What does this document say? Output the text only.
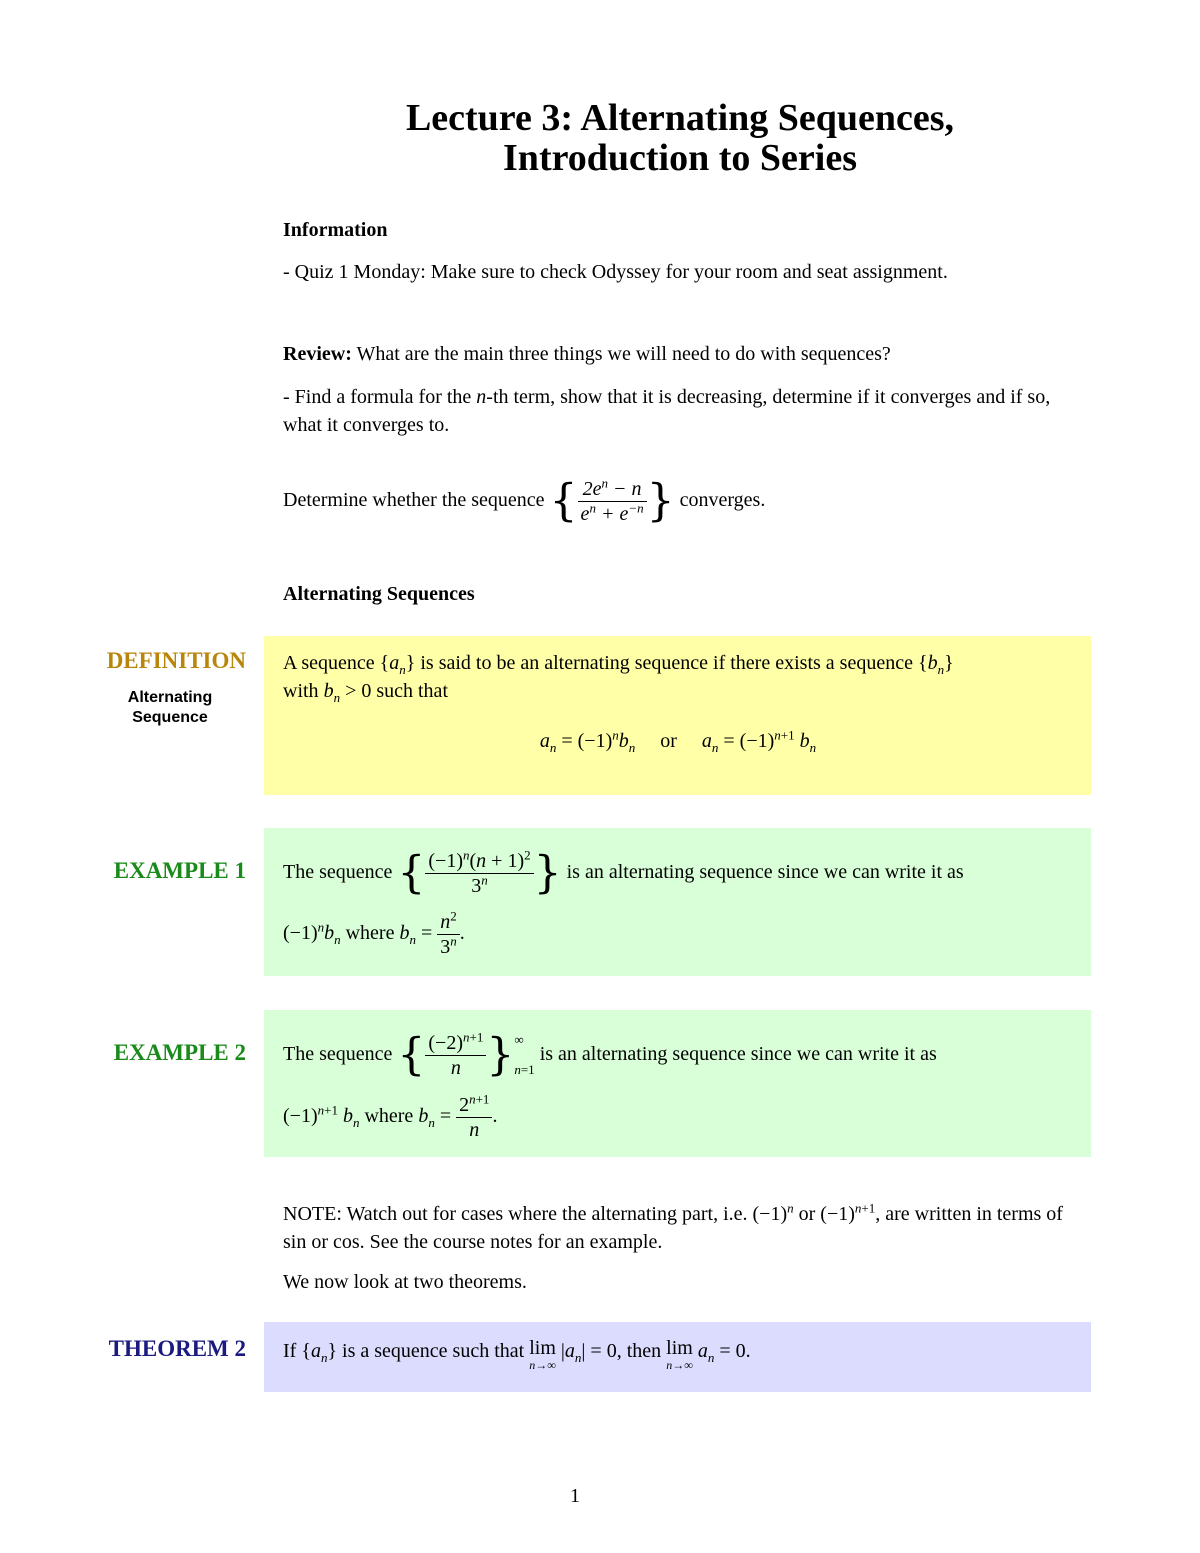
Lecture 3: Alternating Sequences,
Introduction to Series
Information
- Quiz 1 Monday: Make sure to check Odyssey for your room and seat assignment.
Review: What are the main three things we will need to do with sequences?
- Find a formula for the n-th term, show that it is decreasing, determine if it converges and if so, what it converges to.
Determine whether the sequence { $\frac{2e^n - n}{e^n + e^{-n}}$ } converges.
Alternating Sequences
DEFINITION
Alternating
Sequence
A sequence $\{a_n\}$ is said to be an alternating sequence if there exists a sequence $\{b_n\}$
with $b_n > 0$ such that
$a_n = (-1)^nb_n$ or $a_n = (-1)^{n+1}$ $b_n$
EXAMPLE 1 The sequence { $\frac{(-1)^n(n + 1)^2}{3^n}$ } is an alternating sequence since we can write it as
$(-1)^nb_n$ where $b_n = \frac{n^2}{3^n}$ .
EXAMPLE 2 The sequence { $\frac{(-2)^{n+1}}{n}$ } ∞
n=1
is an alternating sequence since we can write it as
$(-1)^{n+1}$ $b_n$ where $b_n = \frac{2^{n+1}}{n}$ .
NOTE: Watch out for cases where the alternating part, i.e. $(-1)^n$ or $(-1)^{n+1}$, are written in terms of sin or cos. See the course notes for an example.
We now look at two theorems.
THEOREM 2 If $\{a_n\}$ is a sequence such that lim
n→∞
$|a_n| = 0$, then lim
n→∞
$a_n = 0$.
1
